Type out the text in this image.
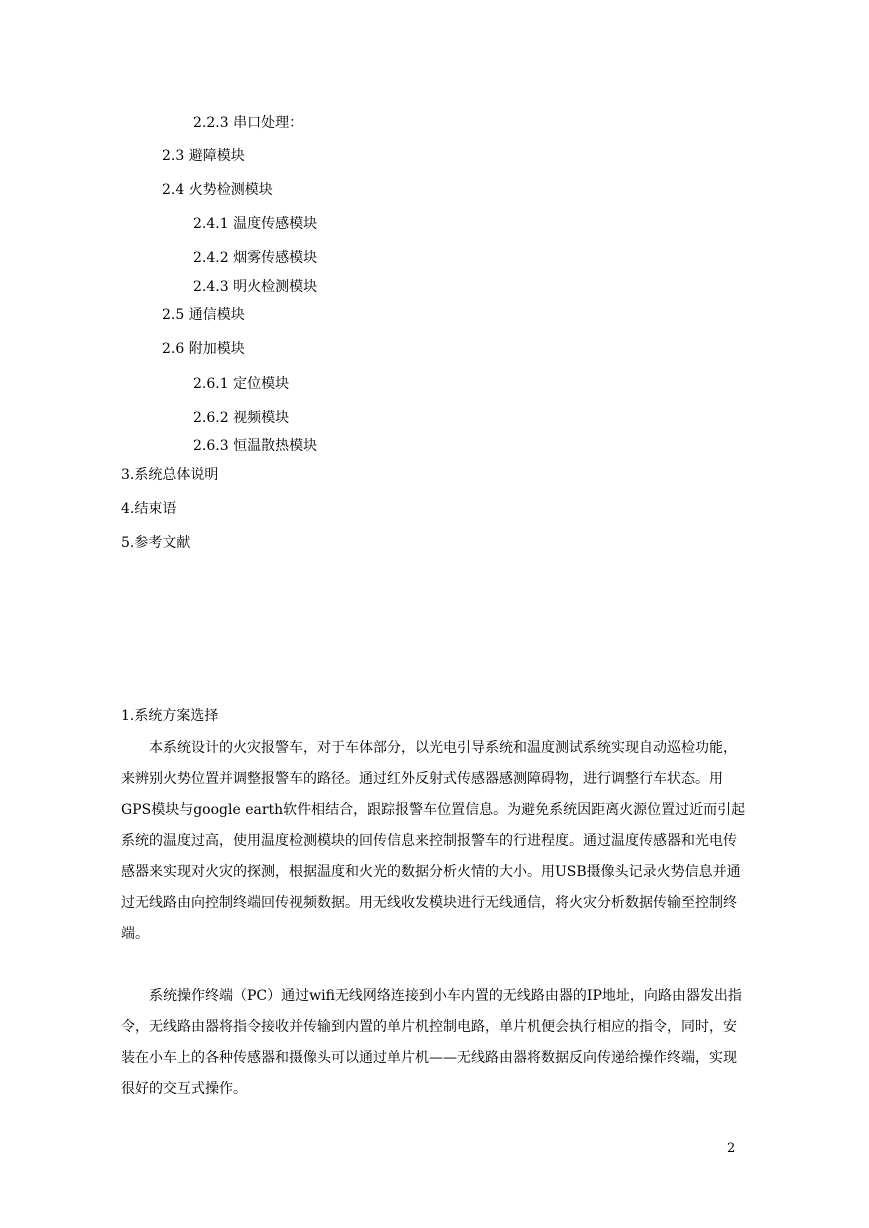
2.2.3 串口处理：
2.3 避障模块
2.4 火势检测模块
2.4.1 温度传感模块
2.4.2 烟雾传感模块
2.4.3 明火检测模块
2.5 通信模块
2.6 附加模块
2.6.1 定位模块
2.6.2 视频模块
2.6.3 恒温散热模块
3.系统总体说明
4.结束语
5.参考文献
1.系统方案选择

本系统设计的火灾报警车，对于车体部分，以光电引导系统和温度测试系统实现自动巡检功能，来辨别火势位置并调整报警车的路径。通过红外反射式传感器感测障碍物，进行调整行车状态。用GPS模块与google earth软件相结合，跟踪报警车位置信息。为避免系统因距离火源位置过近而引起系统的温度过高，使用温度检测模块的回传信息来控制报警车的行进程度。通过温度传感器和光电传感器来实现对火灾的探测，根据温度和火光的数据分析火情的大小。用USB摄像头记录火势信息并通过无线路由向控制终端回传视频数据。用无线收发模块进行无线通信，将火灾分析数据传输至控制终端。

系统操作终端（PC）通过wifi无线网络连接到小车内置的无线路由器的IP地址，向路由器发出指令，无线路由器将指令接收并传输到内置的单片机控制电路，单片机便会执行相应的指令，同时，安装在小车上的各种传感器和摄像头可以通过单片机——无线路由器将数据反向传递给操作终端，实现很好的交互式操作。

2
